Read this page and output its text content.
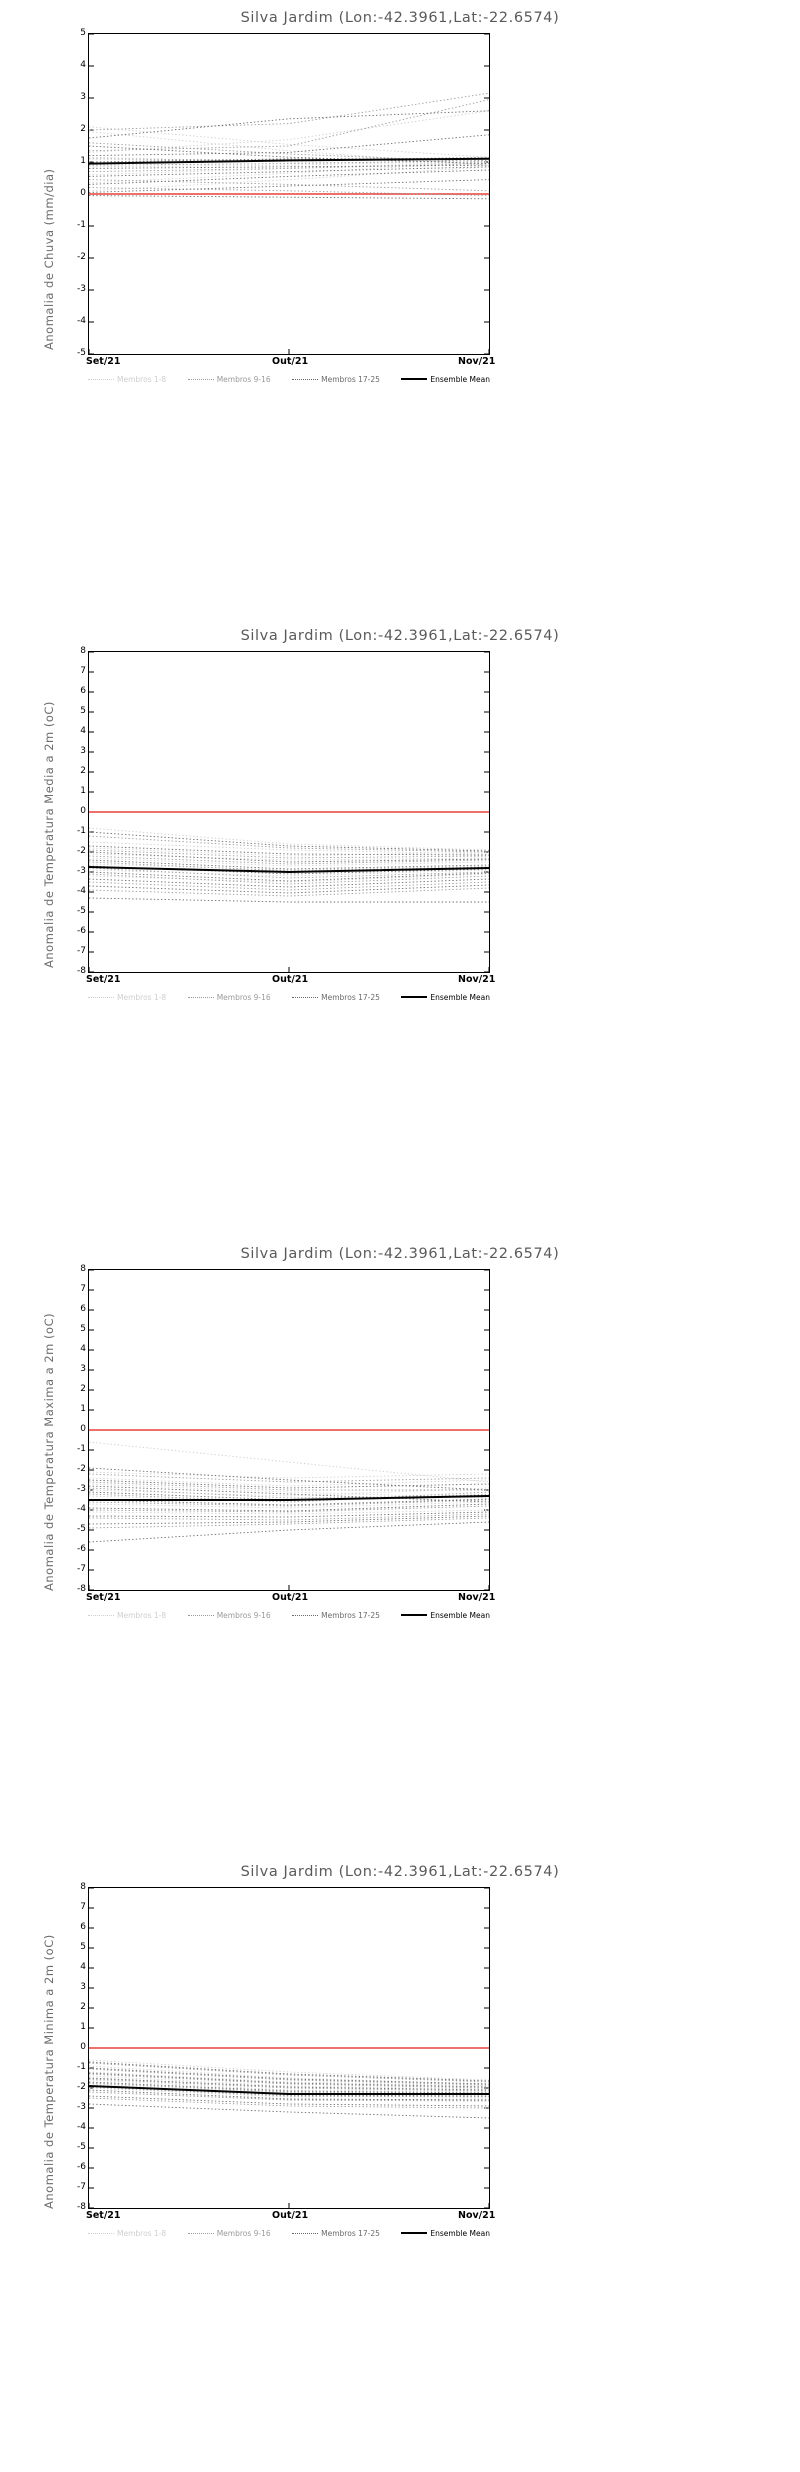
Silva Jardim (Lon:-42.3961,Lat:-22.6574)
Anomalia de Chuva (mm/dia)
-5
-4
-3
-2
-1
0
1
2
3
4
5
Set/21	Out/21	Nov/21
Membros 1-8	Membros 9-16	Membros 17-25	Ensemble Mean
Silva Jardim (Lon:-42.3961,Lat:-22.6574)
Anomalia de Temperatura Media a 2m (oC)
-8
-7
-6
-5
-4
-3
-2
-1
0
1
2
3
4
5
6
7
8
Set/21	Out/21	Nov/21
Membros 1-8	Membros 9-16	Membros 17-25	Ensemble Mean
Silva Jardim (Lon:-42.3961,Lat:-22.6574)
Anomalia de Temperatura Maxima a 2m (oC) -8
-7
-6
-5
-4
-3
-2
-1
0
1
2
3
4
5
6
7
8
Set/21	Out/21	Nov/21
Membros 1-8	Membros 9-16	Membros 17-25	Ensemble Mean
Silva Jardim (Lon:-42.3961,Lat:-22.6574)
Anomalia de Temperatura Minima a 2m (oC) -8
-7
-6
-5
-4
-3
-2
-1
0
1
2
3
4
5
6
7
8
Set/21	Out/21	Nov/21
Membros 1-8	Membros 9-16	Membros 17-25	Ensemble Mean
